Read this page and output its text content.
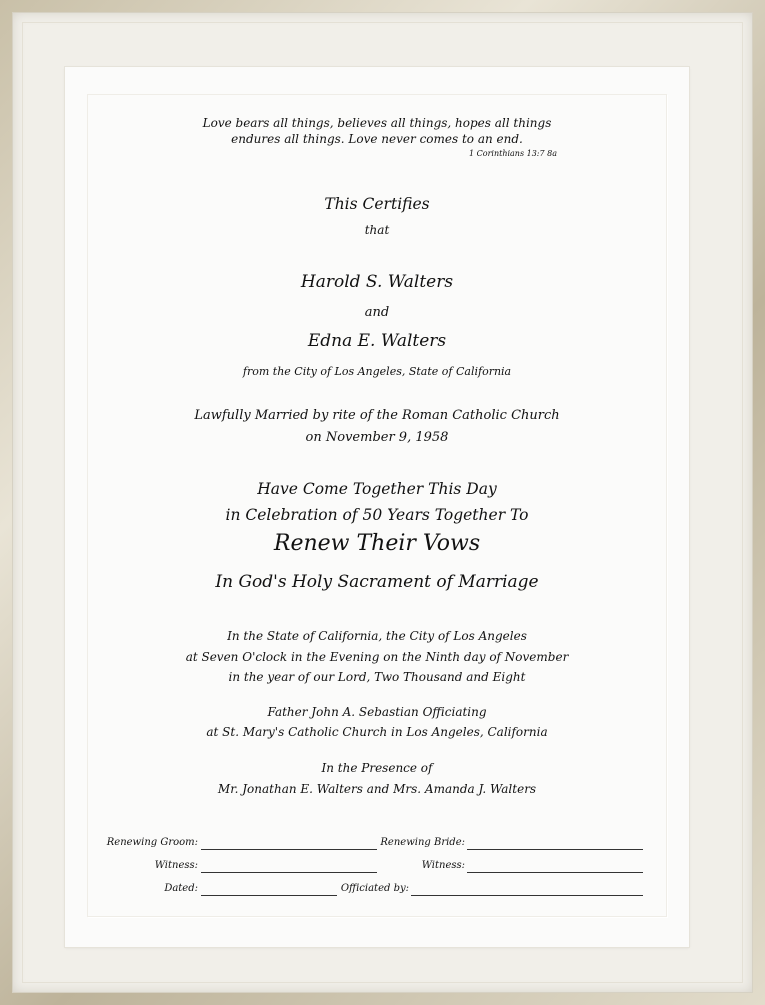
Love bears all things, believes all things, hopes all things
endures all things. Love never comes to an end.
1 Corinthians 13:7 8a
This Certifies
that
Harold S. Walters
and
Edna E. Walters
from the City of Los Angeles, State of California
Lawfully Married by rite of the Roman Catholic Church
on November 9, 1958
Have Come Together This Day
in Celebration of 50 Years Together To
Renew Their Vows
In God's Holy Sacrament of Marriage
In the State of California, the City of Los Angeles
at Seven O'clock in the Evening on the Ninth day of November
in the year of our Lord, Two Thousand and Eight
Father John A. Sebastian Officiating
at St. Mary's Catholic Church in Los Angeles, California
In the Presence of
Mr. Jonathan E. Walters and Mrs. Amanda J. Walters
Renewing Groom:	Renewing Bride:
Witness:	Witness:
Dated:	Officiated by:
